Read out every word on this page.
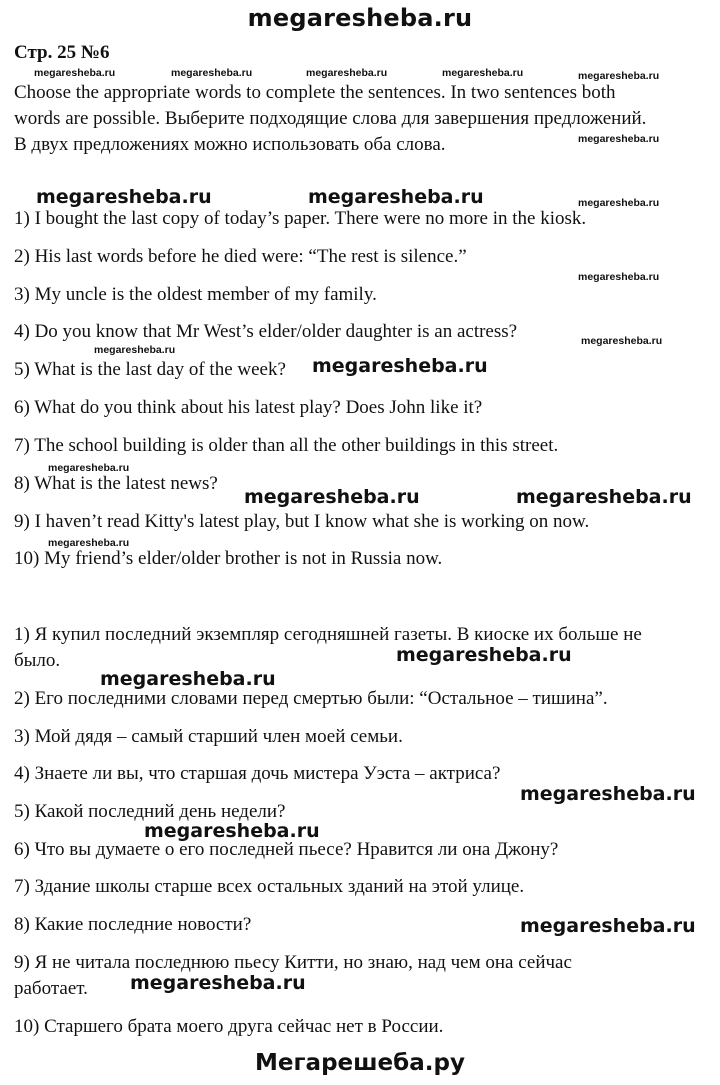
megaresheba.ru
Стр. 25 №6
megaresheba.ru	megaresheba.ru	megaresheba.ru	megaresheba.ru	megaresheba.ru
Choose the appropriate words to complete the sentences. In two sentences both
words are possible. Выберите подходящие слова для завершения предложений.
В двух предложениях можно использовать оба слова.	megaresheba.ru
megaresheba.ru	megaresheba.ru	megaresheba.ru
1) I bought the last copy of today’s paper. There were no more in the kiosk.
2) His last words before he died were: “The rest is silence.”
megaresheba.ru
3) My uncle is the oldest member of my family.
4) Do you know that Mr West’s elder/older daughter is an actress?	megaresheba.ru
megaresheba.ru
5) What is the last day of the week? megaresheba.ru
6) What do you think about his latest play? Does John like it?
7) The school building is older than all the other buildings in this street.
megaresheba.ru
8) What is the latest news?
megaresheba.ru	megaresheba.ru
9) I haven’t read Kitty's latest play, but I know what she is working on now.
megaresheba.ru
10) My friend’s elder/older brother is not in Russia now.
1) Я купил последний экземпляр сегодняшней газеты. В киоске их больше не
было.	megaresheba.ru
megaresheba.ru
2) Его последними словами перед смертью были: “Остальное – тишина”.
3) Мой дядя – самый старший член моей семьи.
4) Знаете ли вы, что старшая дочь мистера Уэста – актриса?
megaresheba.ru
5) Какой последний день недели?
megaresheba.ru
6) Что вы думаете о его последней пьесе? Нравится ли она Джону?
7) Здание школы старше всех остальных зданий на этой улице.
8) Какие последние новости?	megaresheba.ru
9) Я не читала последнюю пьесу Китти, но знаю, над чем она сейчас
работает. megaresheba.ru
10) Старшего брата моего друга сейчас нет в России.
Мегарешеба.ру
